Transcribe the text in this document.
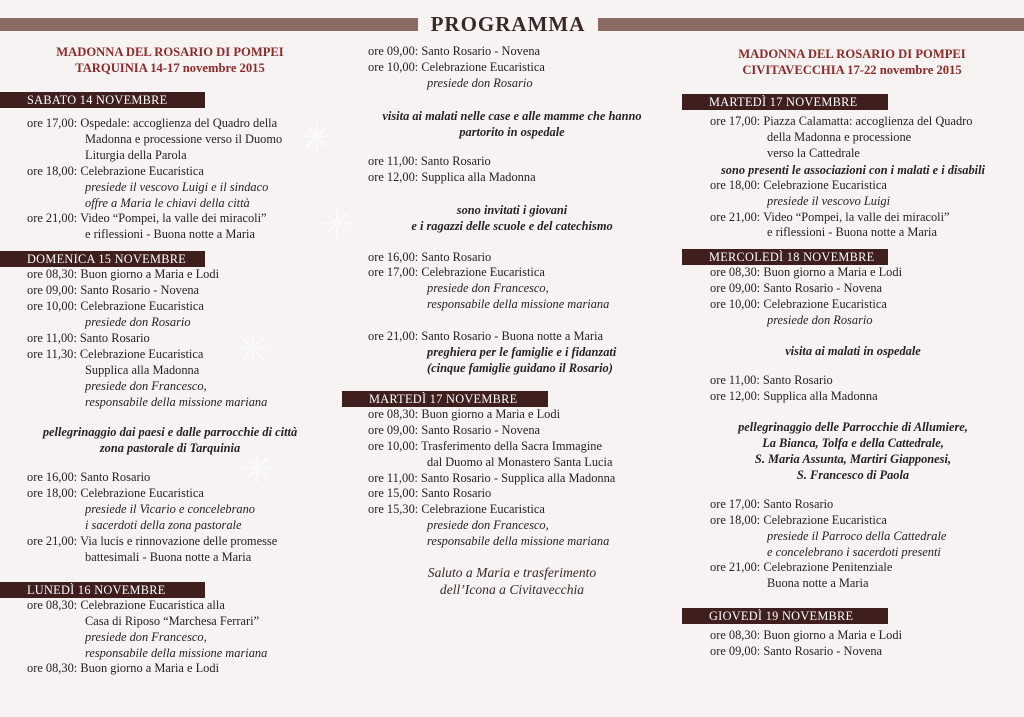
✳
✳
✳
✳
PROGRAMMA
MADONNA DEL ROSARIO DI POMPEI
TARQUINIA 14-17 novembre 2015
SABATO 14 NOVEMBRE
ore 17,00: Ospedale: accoglienza del Quadro della
Madonna e processione verso il Duomo
Liturgia della Parola
ore 18,00: Celebrazione Eucaristica
presiede il vescovo Luigi e il sindaco
offre a Maria le chiavi della città
ore 21,00: Video “Pompei, la valle dei miracoli”
e riflessioni - Buona notte a Maria
DOMENICA 15 NOVEMBRE
ore 08,30: Buon giorno a Maria e Lodi
ore 09,00: Santo Rosario - Novena
ore 10,00: Celebrazione Eucaristica
presiede don Rosario
ore 11,00: Santo Rosario
ore 11,30: Celebrazione Eucaristica
Supplica alla Madonna
presiede don Francesco,
responsabile della missione mariana
pellegrinaggio dai paesi e dalle parrocchie di città
zona pastorale di Tarquinia
ore 16,00: Santo Rosario
ore 18,00: Celebrazione Eucaristica
presiede il Vicario e concelebrano
i sacerdoti della zona pastorale
ore 21,00: Via lucis e rinnovazione delle promesse
battesimali - Buona notte a Maria
LUNEDÌ 16 NOVEMBRE
ore 08,30: Celebrazione Eucaristica alla
Casa di Riposo “Marchesa Ferrari”
presiede don Francesco,
responsabile della missione mariana
ore 08,30: Buon giorno a Maria e Lodi
ore 09,00: Santo Rosario - Novena
ore 10,00: Celebrazione Eucaristica
presiede don Rosario
visita ai malati nelle case e alle mamme che hanno
partorito in ospedale
ore 11,00: Santo Rosario
ore 12,00: Supplica alla Madonna
sono invitati i giovani
e i ragazzi delle scuole e del catechismo
ore 16,00: Santo Rosario
ore 17,00: Celebrazione Eucaristica
presiede don Francesco,
responsabile della missione mariana
ore 21,00: Santo Rosario - Buona notte a Maria
preghiera per le famiglie e i fidanzati
(cinque famiglie guidano il Rosario)
MARTEDÌ 17 NOVEMBRE
ore 08,30: Buon giorno a Maria e Lodi
ore 09,00: Santo Rosario - Novena
ore 10,00: Trasferimento della Sacra Immagine
dal Duomo al Monastero Santa Lucia
ore 11,00: Santo Rosario - Supplica alla Madonna
ore 15,00: Santo Rosario
ore 15,30: Celebrazione Eucaristica
presiede don Francesco,
responsabile della missione mariana
Saluto a Maria e trasferimento
dell’Icona a Civitavecchia
MADONNA DEL ROSARIO DI POMPEI
CIVITAVECCHIA 17-22 novembre 2015
MARTEDÌ 17 NOVEMBRE
ore 17,00: Piazza Calamatta: accoglienza del Quadro
della Madonna e processione
verso la Cattedrale
sono presenti le associazioni con i malati e i disabili
ore 18,00: Celebrazione Eucaristica
presiede il vescovo Luigi
ore 21,00: Video “Pompei, la valle dei miracoli”
e riflessioni - Buona notte a Maria
MERCOLEDÌ 18 NOVEMBRE
ore 08,30: Buon giorno a Maria e Lodi
ore 09,00: Santo Rosario - Novena
ore 10,00: Celebrazione Eucaristica
presiede don Rosario
visita ai malati in ospedale
ore 11,00: Santo Rosario
ore 12,00: Supplica alla Madonna
pellegrinaggio delle Parrocchie di Allumiere,
La Bianca, Tolfa e della Cattedrale,
S. Maria Assunta, Martiri Giapponesi,
S. Francesco di Paola
ore 17,00: Santo Rosario
ore 18,00: Celebrazione Eucaristica
presiede il Parroco della Cattedrale
e concelebrano i sacerdoti presenti
ore 21,00: Celebrazione Penitenziale
Buona notte a Maria
GIOVEDÌ 19 NOVEMBRE
ore 08,30: Buon giorno a Maria e Lodi
ore 09,00: Santo Rosario - Novena
